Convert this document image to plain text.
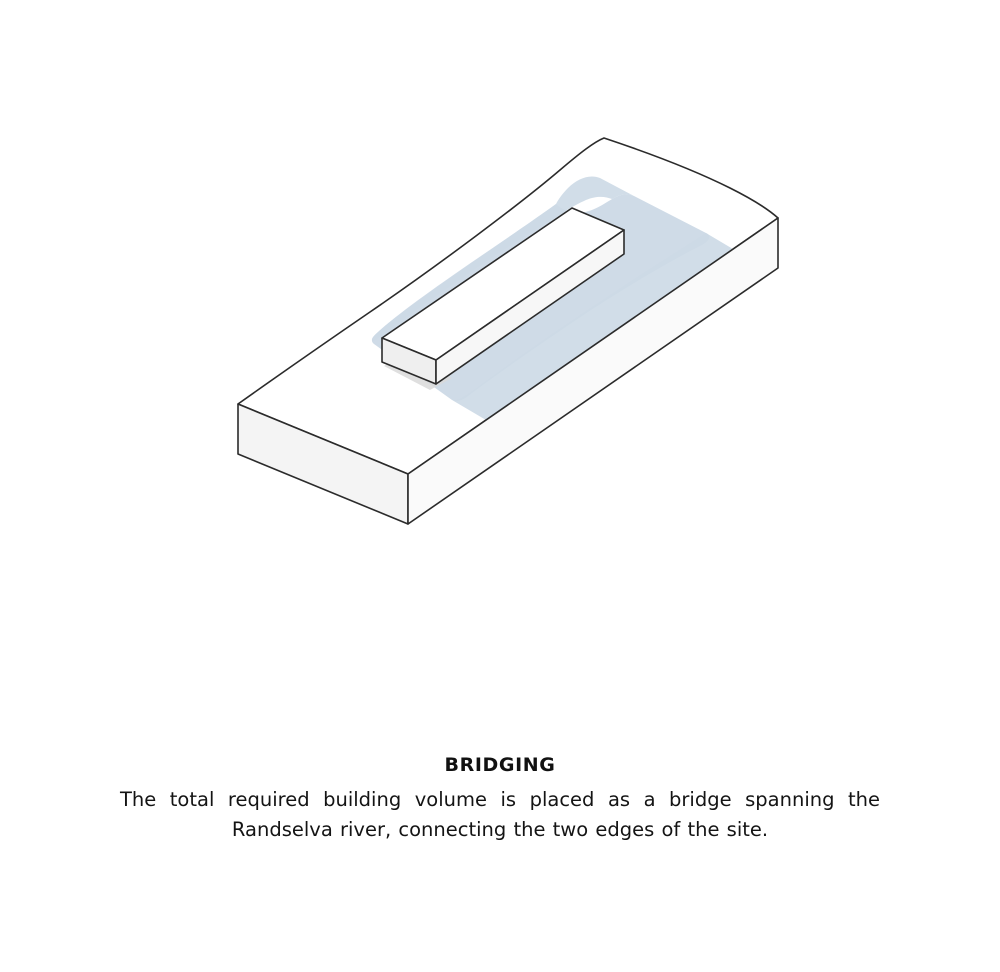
BRIDGING
The total required building volume is placed as a bridge spanning the
Randselva river, connecting the two edges of the site.
